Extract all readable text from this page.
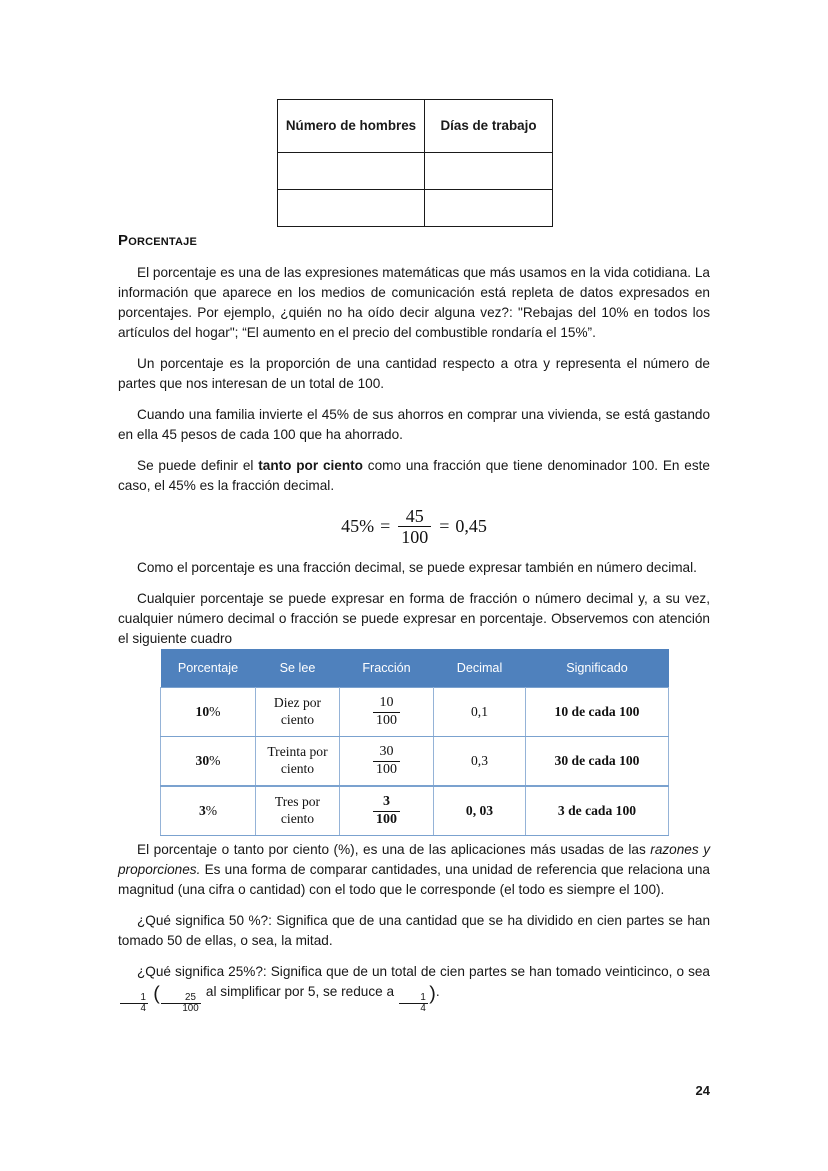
Número de hombres	Días de trabajo

Porcentaje

El porcentaje es una de las expresiones matemáticas que más usamos en la vida cotidiana. La información que aparece en los medios de comunicación está repleta de datos expresados en porcentajes. Por ejemplo, ¿quién no ha oído decir alguna vez?: "Rebajas del 10% en todos los artículos del hogar"; “El aumento en el precio del combustible rondaría el 15%”.

Un porcentaje es la proporción de una cantidad respecto a otra y representa el número de partes que nos interesan de un total de 100.

Cuando una familia invierte el 45% de sus ahorros en comprar una vivienda, se está gastando en ella 45 pesos de cada 100 que ha ahorrado.

Se puede definir el tanto por ciento como una fracción que tiene denominador 100. En este caso, el 45% es la fracción decimal.

$45\% = \frac{45}{100} = 0,45$

Como el porcentaje es una fracción decimal, se puede expresar también en número decimal.

Cualquier porcentaje se puede expresar en forma de fracción o número decimal y, a su vez, cualquier número decimal o fracción se puede expresar en porcentaje. Observemos con atención el siguiente cuadro

Porcentaje	Se lee	Fracción	Decimal	Significado
10%	Diez por ciento	$\frac{10}{100}$	0,1	10 de cada 100
30%	Treinta por ciento	$\frac{30}{100}$	0,3	30 de cada 100
3%	Tres por ciento	$\frac{3}{100}$	0, 03	3 de cada 100

El porcentaje o tanto por ciento (%), es una de las aplicaciones más usadas de las razones y proporciones. Es una forma de comparar cantidades, una unidad de referencia que relaciona una magnitud (una cifra o cantidad) con el todo que le corresponde (el todo es siempre el 100).

¿Qué significa 50 %?: Significa que de una cantidad que se ha dividido en cien partes se han tomado 50 de ellas, o sea, la mitad.

¿Qué significa 25%?: Significa que de un total de cien partes se han tomado veinticinco, o sea
$\frac{1}{4}$ ( $\frac{25}{100}$
al simplificar por 5, se reduce a
$\frac{1}{4}$ ).

24
